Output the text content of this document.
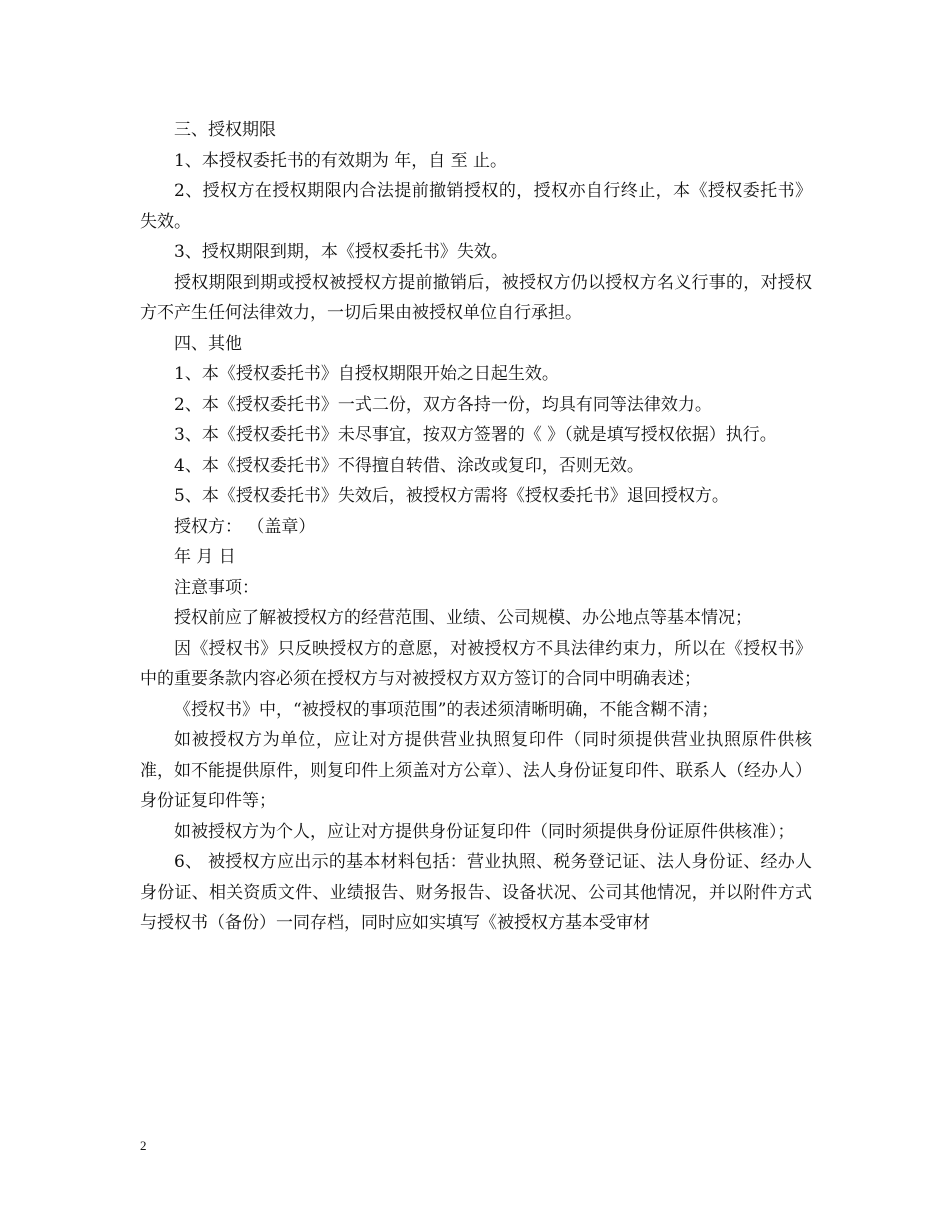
三、授权期限

1、本授权委托书的有效期为 年，自 至 止。

2、授权方在授权期限内合法提前撤销授权的，授权亦自行终止，本《授权委托书》失效。

3、授权期限到期，本《授权委托书》失效。

授权期限到期或授权被授权方提前撤销后，被授权方仍以授权方名义行事的，对授权方不产生任何法律效力，一切后果由被授权单位自行承担。

四、其他

1、本《授权委托书》自授权期限开始之日起生效。

2、本《授权委托书》一式二份，双方各持一份，均具有同等法律效力。

3、本《授权委托书》未尽事宜，按双方签署的《 》（就是填写授权依据）执行。

4、本《授权委托书》不得擅自转借、涂改或复印，否则无效。

5、本《授权委托书》失效后，被授权方需将《授权委托书》退回授权方。

授权方： （盖章）

年 月 日

注意事项：

授权前应了解被授权方的经营范围、业绩、公司规模、办公地点等基本情况；

因《授权书》只反映授权方的意愿，对被授权方不具法律约束力，所以在《授权书》中的重要条款内容必须在授权方与对被授权方双方签订的合同中明确表述；

《授权书》中，“被授权的事项范围”的表述须清晰明确，不能含糊不清；

如被授权方为单位，应让对方提供营业执照复印件（同时须提供营业执照原件供核准，如不能提供原件，则复印件上须盖对方公章）、法人身份证复印件、联系人（经办人）身份证复印件等；

如被授权方为个人，应让对方提供身份证复印件（同时须提供身份证原件供核准）；

6、 被授权方应出示的基本材料包括：营业执照、税务登记证、法人身份证、经办人身份证、相关资质文件、业绩报告、财务报告、设备状况、公司其他情况，并以附件方式与授权书（备份）一同存档，同时应如实填写《被授权方基本受审材

2
